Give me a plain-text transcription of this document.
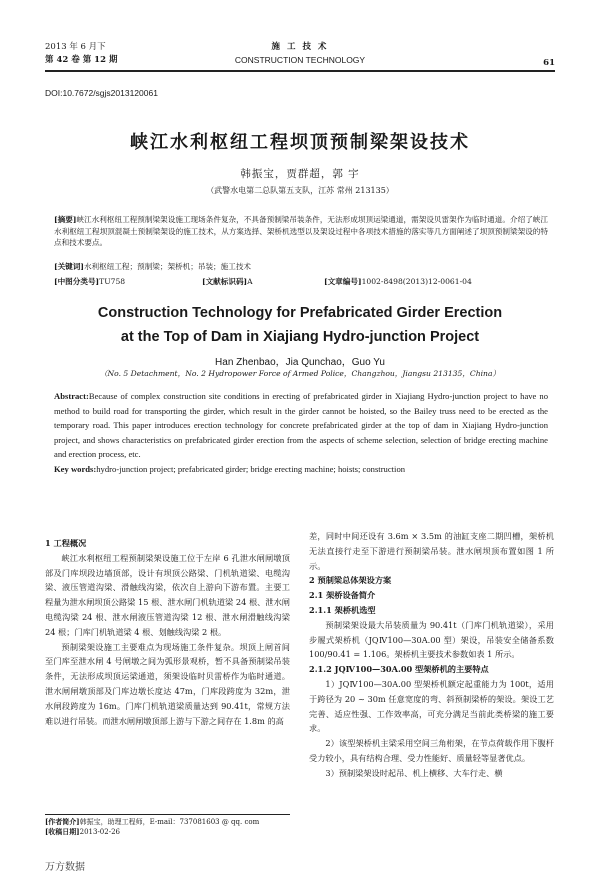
2013 年 6 月下
第 42 卷 第 12 期
施 工 技 术
CONSTRUCTION TECHNOLOGY	61
DOI:10.7672/sgjs2013120061
峡江水利枢纽工程坝顶预制梁架设技术
韩振宝，贾群超，郭 宇
（武警水电第二总队第五支队，江苏 常州 213135）
[摘要]峡江水利枢纽工程预制梁架设施工现场条件复杂，不具备预制梁吊装条件，无法形成坝顶运梁通道，需架设贝雷架作为临时通道。介绍了峡江水利枢纽工程坝顶混凝土预制梁架设的施工技术，从方案选择、架桥机选型以及架设过程中各项技术措施的落实等几方面阐述了坝顶预制梁架设的特点和技术要点。
[关键词]水利枢纽工程；预制梁；架桥机；吊装；施工技术
[中图分类号]TU758	[文献标识码]A	[文章编号]1002-8498(2013)12-0061-04
Construction Technology for Prefabricated Girder Erection at the Top of Dam in Xiajiang Hydro-junction Project
Han Zhenbao，Jia Qunchao，Guo Yu
（No. 5 Detachment，No. 2 Hydropower Force of Armed Police，Changzhou，Jiangsu 213135，China）
Abstract:Because of complex construction site conditions in erecting of prefabricated girder in Xiajiang Hydro-junction project to have no method to build road for transporting the girder, which result in the girder cannot be hoisted, so the Bailey truss need to be erected as the temporary road. This paper introduces erection technology for concrete prefabricated girder at the top of dam in Xiajiang Hydro-junction project, and shows characteristics on prefabricated girder erection from the aspects of scheme selection, selection of bridge erecting machine and erection process, etc.
Key words:hydro-junction project; prefabricated girder; bridge erecting machine; hoists; construction

1 工程概况

峡江水利枢纽工程预制梁架设施工位于左岸 6 孔泄水闸闸墩顶部及门库坝段边墙顶部，设计有坝顶公路梁、门机轨道梁、电缆沟梁、液压管道沟梁、滑触线沟梁，依次自上游向下游布置。主要工程量为泄水闸坝顶公路梁 15 根、泄水闸门机轨道梁 24 根、泄水闸电缆沟梁 24 根、泄水闸液压管道沟梁 12 根、泄水闸滑触线沟梁 24 根；门库门机轨道梁 4 根、划触线沟梁 2 根。

预制梁架设施工主要难点为现场施工条件复杂。坝顶上闸首间至门库至泄水闸 4 号闸墩之间为弧形景观桥，暂不具备预制梁吊装条件，无法形成坝顶运梁通道，须架设临时贝雷桥作为临时通道。泄水闸闸墩顶部及门库边墩长度达 47m，门库段跨度为 32m，泄水闸段跨度为 16m。门库门机轨道梁质量达到 90.41t，常规方法难以进行吊装。而泄水闸闸墩顶部上游与下游之间存在 1.8m 的高

[作者简介]韩振宝，助理工程师，E-mail：737081603 @ qq. com
[收稿日期]2013-02-26

差，同时中间还设有 3.6m × 3.5m 的油缸支座二期凹槽，架桥机无法直接行走至下游进行预制梁吊装。泄水闸坝顶布置如图 1 所示。

2 预制梁总体架设方案

2.1 架桥设备简介

2.1.1 架桥机选型

预制梁架设最大吊装质量为 90.41t（门库门机轨道梁），采用步履式架桥机（JQⅣ100—30A.00 型）架设，吊装安全储备系数 100/90.41 = 1.106。架桥机主要技术参数如表 1 所示。

2.1.2 JQⅣ100—30A.00 型架桥机的主要特点

1）JQⅣ100—30A.00 型架桥机额定起重能力为 100t，适用于跨径为 20 ~ 30m 任意宽度的弯、斜预制梁桥的架设。架设工艺完善、适应性强、工作效率高，可充分满足当前此类桥梁的施工要求。

2）该型架桥机主梁采用空间三角桁架，在节点荷载作用下腹杆受力较小，具有结构合理、受力性能好、质量轻等显著优点。

3）预制梁架设时起吊、机上横移、大车行走、横

万方数据
